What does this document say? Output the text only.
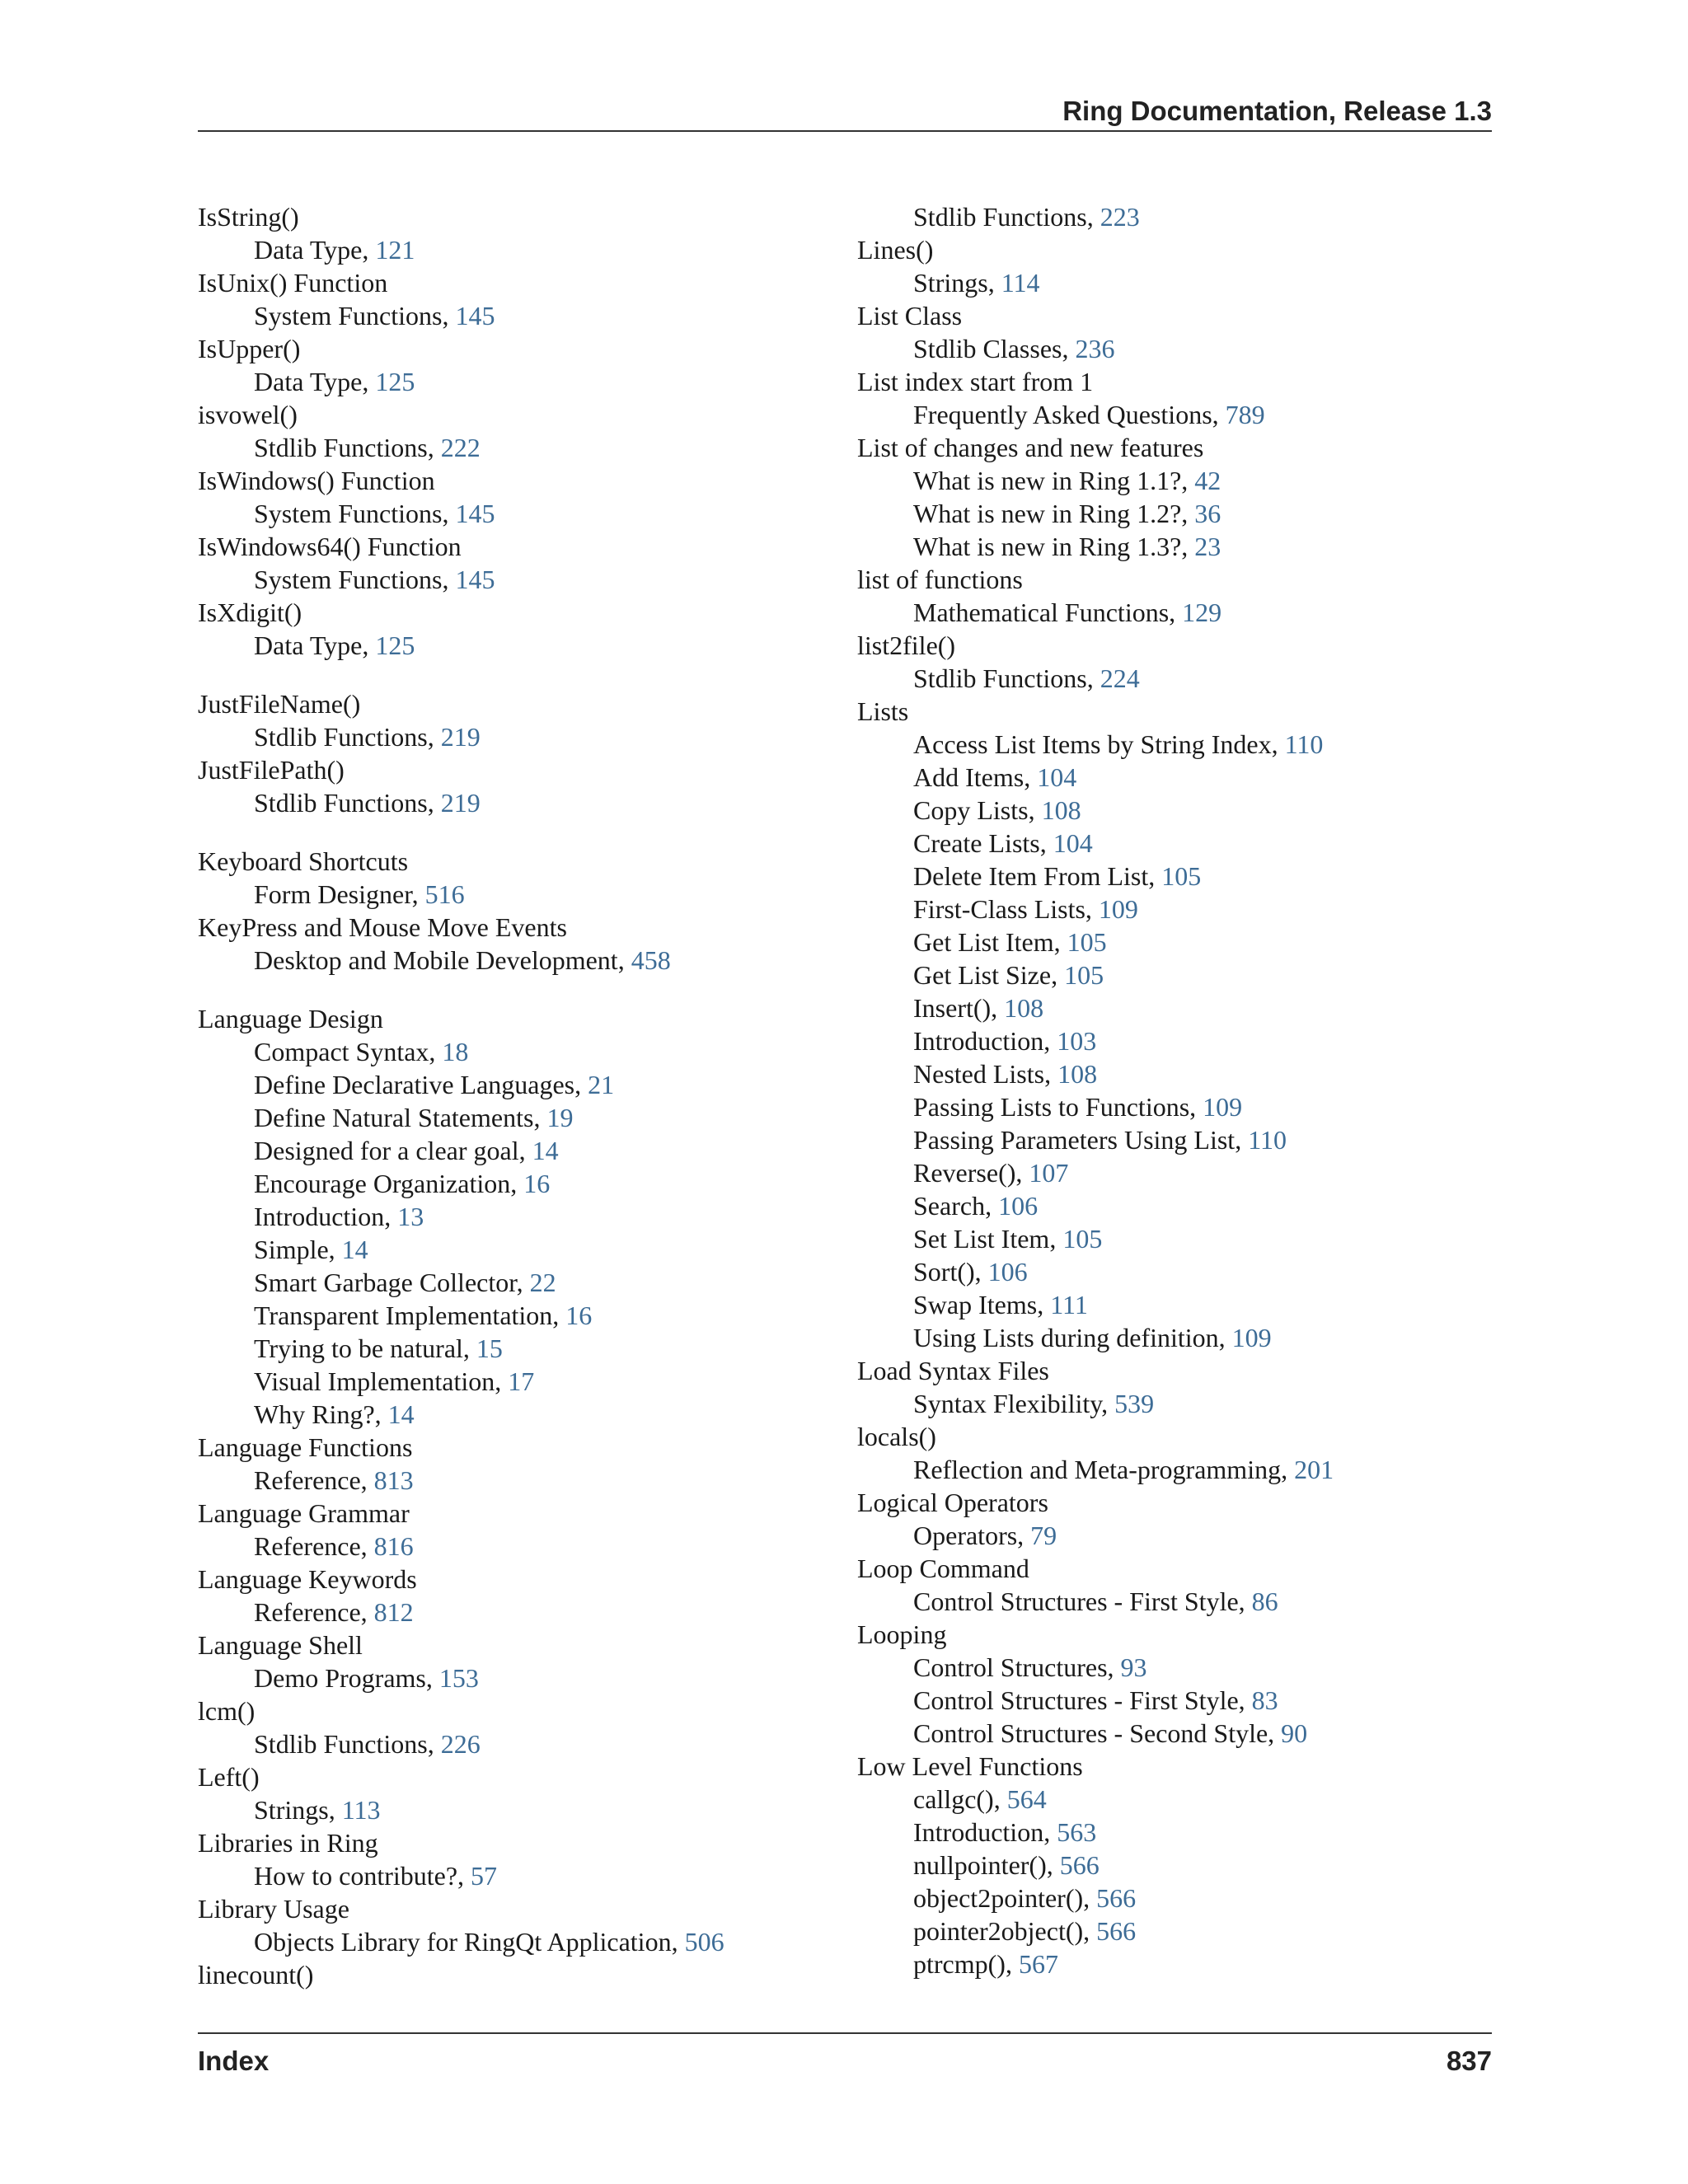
Ring Documentation, Release 1.3
IsString()
Data Type, 121
IsUnix() Function
System Functions, 145
IsUpper()
Data Type, 125
isvowel()
Stdlib Functions, 222
IsWindows() Function
System Functions, 145
IsWindows64() Function
System Functions, 145
IsXdigit()
Data Type, 125
JustFileName()
Stdlib Functions, 219
JustFilePath()
Stdlib Functions, 219
Keyboard Shortcuts
Form Designer, 516
KeyPress and Mouse Move Events
Desktop and Mobile Development, 458
Language Design
Compact Syntax, 18
Define Declarative Languages, 21
Define Natural Statements, 19
Designed for a clear goal, 14
Encourage Organization, 16
Introduction, 13
Simple, 14
Smart Garbage Collector, 22
Transparent Implementation, 16
Trying to be natural, 15
Visual Implementation, 17
Why Ring?, 14
Language Functions
Reference, 813
Language Grammar
Reference, 816
Language Keywords
Reference, 812
Language Shell
Demo Programs, 153
lcm()
Stdlib Functions, 226
Left()
Strings, 113
Libraries in Ring
How to contribute?, 57
Library Usage
Objects Library for RingQt Application, 506
linecount()
Stdlib Functions, 223
Lines()
Strings, 114
List Class
Stdlib Classes, 236
List index start from 1
Frequently Asked Questions, 789
List of changes and new features
What is new in Ring 1.1?, 42
What is new in Ring 1.2?, 36
What is new in Ring 1.3?, 23
list of functions
Mathematical Functions, 129
list2file()
Stdlib Functions, 224
Lists
Access List Items by String Index, 110
Add Items, 104
Copy Lists, 108
Create Lists, 104
Delete Item From List, 105
First-Class Lists, 109
Get List Item, 105
Get List Size, 105
Insert(), 108
Introduction, 103
Nested Lists, 108
Passing Lists to Functions, 109
Passing Parameters Using List, 110
Reverse(), 107
Search, 106
Set List Item, 105
Sort(), 106
Swap Items, 111
Using Lists during definition, 109
Load Syntax Files
Syntax Flexibility, 539
locals()
Reflection and Meta-programming, 201
Logical Operators
Operators, 79
Loop Command
Control Structures - First Style, 86
Looping
Control Structures, 93
Control Structures - First Style, 83
Control Structures - Second Style, 90
Low Level Functions
callgc(), 564
Introduction, 563
nullpointer(), 566
object2pointer(), 566
pointer2object(), 566
ptrcmp(), 567
Index	837
